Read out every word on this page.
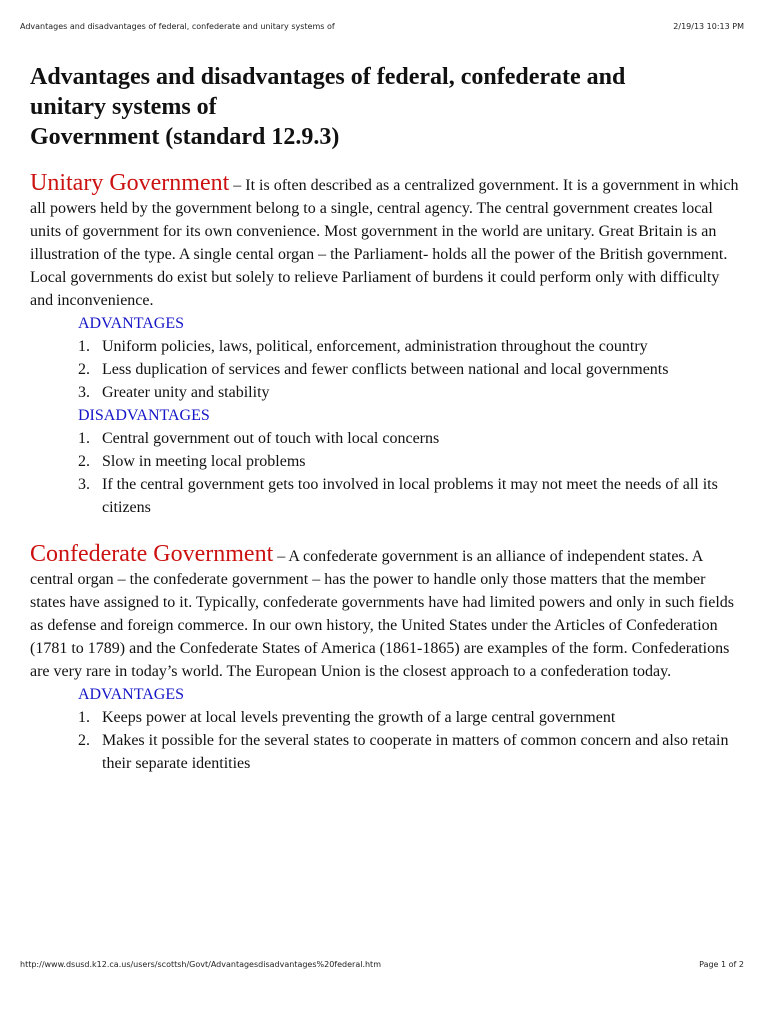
Advantages and disadvantages of federal, confederate and unitary systems of	2/19/13 10:13 PM
Advantages and disadvantages of federal, confederate and
unitary systems of
Government (standard 12.9.3)

Unitary Government – It is often described as a centralized government. It is a government in which all powers held by the government belong to a single, central agency. The central government creates local units of government for its own convenience. Most government in the world are unitary. Great Britain is an illustration of the type. A single cental organ – the Parliament- holds all the power of the British government. Local governments do exist but solely to relieve Parliament of burdens it could perform only with difficulty and inconvenience.

ADVANTAGES
1. Uniform policies, laws, political, enforcement, administration throughout the country
2. Less duplication of services and fewer conflicts between national and local governments
3. Greater unity and stability
DISADVANTAGES
1. Central government out of touch with local concerns
2. Slow in meeting local problems
3. If the central government gets too involved in local problems it may not meet the needs of all its citizens

Confederate Government – A confederate government is an alliance of independent states. A central organ – the confederate government – has the power to handle only those matters that the member states have assigned to it. Typically, confederate governments have had limited powers and only in such fields as defense and foreign commerce. In our own history, the United States under the Articles of Confederation (1781 to 1789) and the Confederate States of America (1861-1865) are examples of the form. Confederations are very rare in today’s world. The European Union is the closest approach to a confederation today.

ADVANTAGES
1. Keeps power at local levels preventing the growth of a large central government
2. Makes it possible for the several states to cooperate in matters of common concern and also retain their separate identities
http://www.dsusd.k12.ca.us/users/scottsh/Govt/Advantagesdisadvantages%20federal.htm	Page 1 of 2
